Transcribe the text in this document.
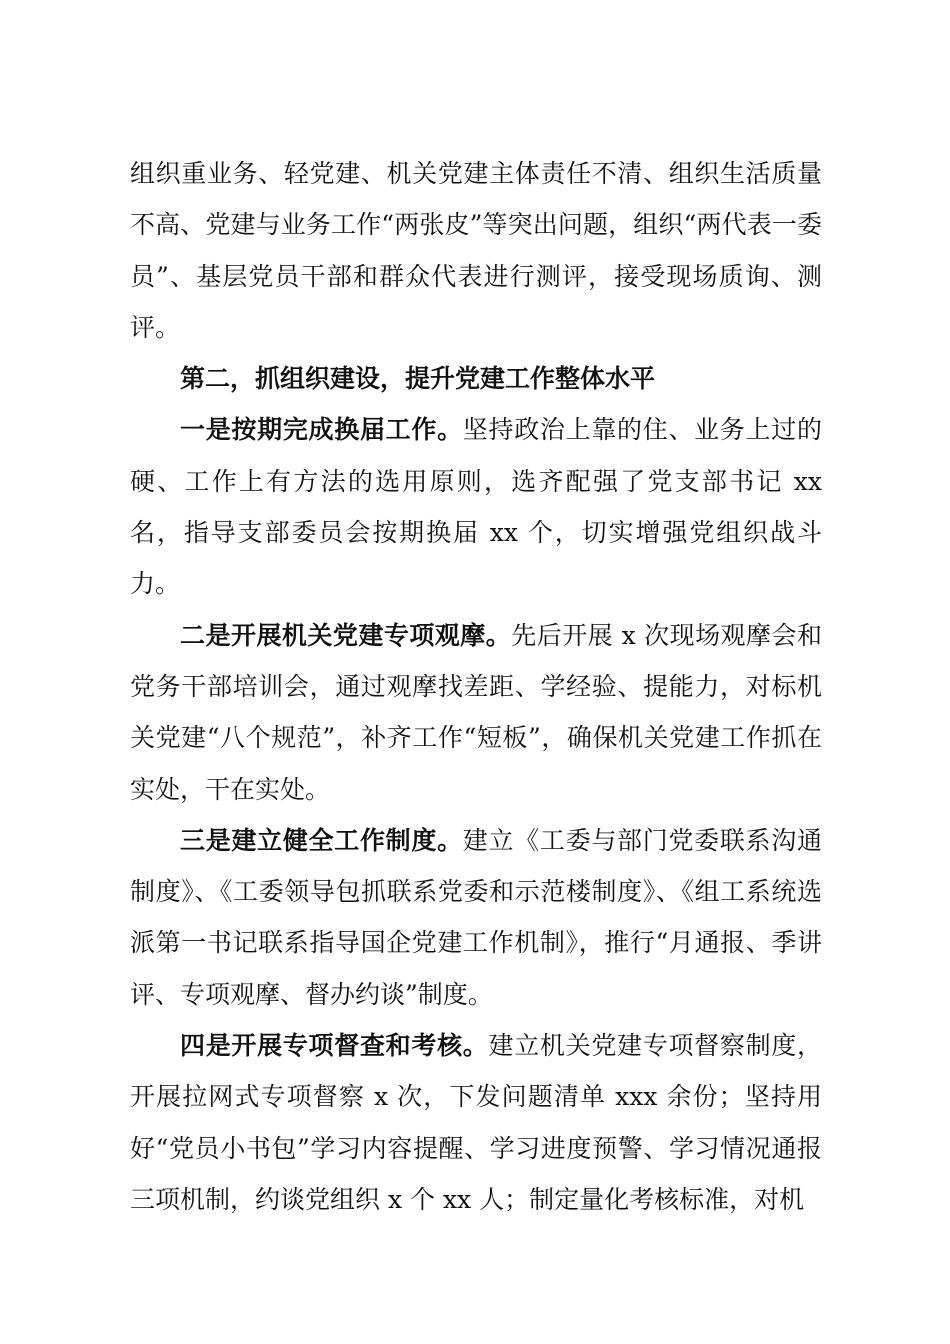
组织重业务、轻党建、机关党建主体责任不清、组织生活质量不高、党建与业务工作“两张皮”等突出问题，组织“两代表一委员”、基层党员干部和群众代表进行测评，接受现场质询、测评。

第二，抓组织建设，提升党建工作整体水平

一是按期完成换届工作。坚持政治上靠的住、业务上过的硬、工作上有方法的选用原则，选齐配强了党支部书记 xx 名，指导支部委员会按期换届 xx 个，切实增强党组织战斗力。

二是开展机关党建专项观摩。先后开展 x 次现场观摩会和党务干部培训会，通过观摩找差距、学经验、提能力，对标机关党建“八个规范”，补齐工作“短板”，确保机关党建工作抓在实处，干在实处。

三是建立健全工作制度。建立《工委与部门党委联系沟通制度》、《工委领导包抓联系党委和示范楼制度》、《组工系统选派第一书记联系指导国企党建工作机制》，推行“月通报、季讲评、专项观摩、督办约谈”制度。

四是开展专项督查和考核。建立机关党建专项督察制度，开展拉网式专项督察 x 次，下发问题清单 xxx 余份；坚持用好“党员小书包”学习内容提醒、学习进度预警、学习情况通报三项机制，约谈党组织 x 个 xx 人；制定量化考核标准，对机
